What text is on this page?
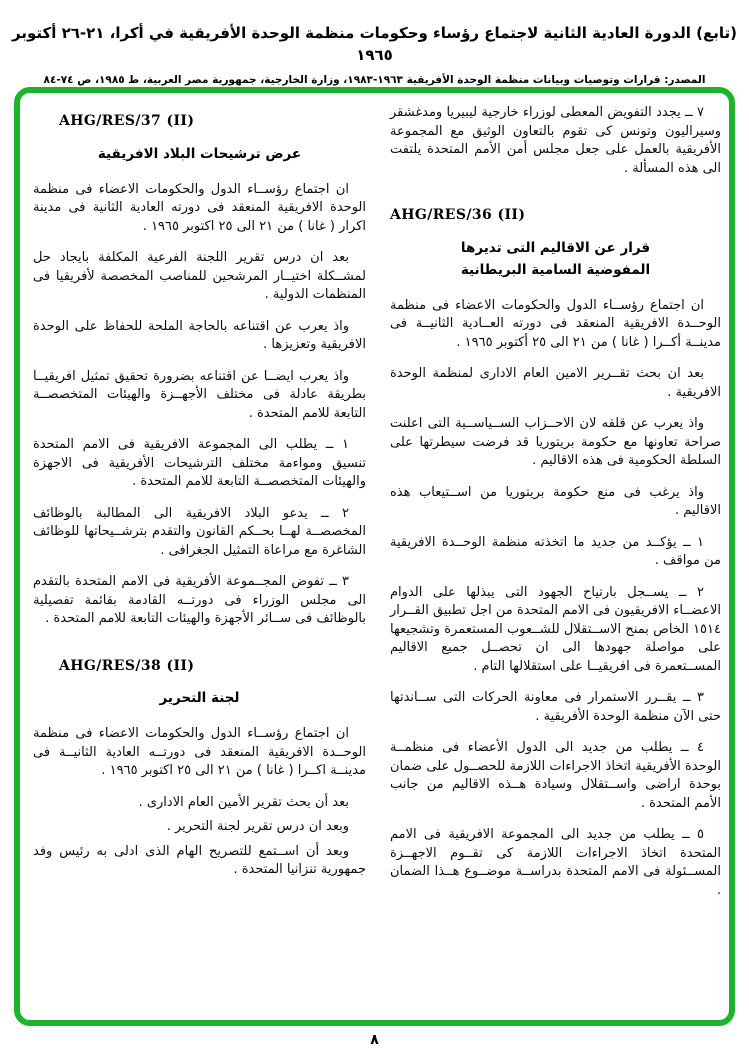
(تابع) الدورة العادية الثانية لاجتماع رؤساء وحكومات منظمة الوحدة الأفريقية في أكرا، ٢١-٢٦ أكتوبر ١٩٦٥
المصدر: قرارات وتوصيات وبيانات منظمة الوحدة الأفريقية ١٩٦٣-١٩٨٣، وزارة الخارجية، جمهورية مصر العربية، ط ١٩٨٥، ص ٧٤-٨٤

٧ ــ يجدد التفويض المعطى لوزراء خارجية ليبيريا ومدغشقر وسيراليون وتونس كى تقوم بالتعاون الوثيق مع المجموعة الأفريقية بالعمل على جعل مجلس أمن الأمم المتحدة يلتفت الى هذه المسألة .

AHG/RES/36 (II)
قرار عن الاقاليم التى تديرها
المفوضية السامية البريطانية

ان اجتماع رؤســاء الدول والحكومات الاعضاء فى منظمة الوحــدة الافريقية المنعقد فى دورته العــادية الثانيــة فى مدينــة أكــرا ( غانا ) من ٢١ الى ٢٥ أكتوبر ١٩٦٥ .

بعد ان بحث تقــرير الامين العام الادارى لمنظمة الوحدة الافريقية .

واذ يعرب عن قلقه لان الاحــزاب الســياســية التى اعلنت صراحة تعاونها مع حكومة بريتوريا قد فرضت سيطرتها على السلطة الحكومية فى هذه الاقاليم .

واذ يرغب فى منع حكومة بريتوريا من اســتيعاب هذه الاقاليم .

١ ــ يؤكــد من جديد ما اتخذته منظمة الوحــدة الافريقية من مواقف .

٢ ــ يســجل بارتياح الجهود التى يبذلها على الدوام الاعضــاء الافريقيون فى الامم المتحدة من اجل تطبيق القــرار ١٥١٤ الخاص بمنح الاســتقلال للشــعوب المستعمرة وتشجيعها على مواصلة جهودها الى ان تحصــل جميع الاقاليم المســتعمرة فى افريقيــا على استقلالها التام .

٣ ــ يقــرر الاستمرار فى معاونة الحركات التى ســاندتها حتى الآن منظمة الوحدة الأفريقية .

٤ ــ يطلب من جديد الى الدول الأعضاء فى منظمــة الوحدة الأفريقية اتخاذ الاجراءات اللازمة للحصــول على ضمان بوحدة اراضى واســتقلال وسيادة هــذه الاقاليم من جانب الأمم المتحدة .

٥ ــ يطلب من جديد الى المجموعة الافريقية فى الامم المتحدة اتخاذ الاجراءات اللازمة كى تقــوم الاجهــزة المســئولة فى الامم المتحدة بدراســة موضــوع هــذا الضمان .

AHG/RES/37 (II)
عرض ترشيحات البلاد الافريقية

ان اجتماع رؤســاء الدول والحكومات الاعضاء فى منظمة الوحدة الافريقية المنعقد فى دورته العادية الثانية فى مدينة اكرار ( غانا ) من ٢١ الى ٢٥ اكتوبر ١٩٦٥ .

بعد ان درس تقرير اللجنة الفرعية المكلفة بايجاد حل لمشــكلة اختيــار المرشحين للمناصب المخصصة لأفريقيا فى المنظمات الدولية .

واذ يعرب عن اقتناعه بالحاجة الملحة للحفاظ على الوحدة الافريقية وتعزيزها .

واذ يعرب ايضــا عن اقتناعه بضرورة تحقيق تمثيل افريقيــا بطريقة عادلة فى مختلف الأجهــزة والهيئات المتخصصــة التابعة للامم المتحدة .

١ ــ يطلب الى المجموعة الافريقية فى الامم المتحدة تنسيق ومواءمة مختلف الترشيحات الأفريقية فى الاجهزة والهيئات المتخصصــة التابعة للامم المتحدة .

٢ ــ يدعو البلاد الافريقية الى المطالبة بالوظائف المخصصــة لهــا بحــكم القانون والتقدم بترشــيحاتها للوظائف الشاغرة مع مراعاة التمثيل الجغرافى .

٣ ــ تفوض المجــموعة الأفريقية فى الامم المتحدة بالتقدم الى مجلس الوزراء فى دورتــه القادمة بقائمة تفصيلية بالوظائف فى ســائر الأجهزة والهيئات التابعة للامم المتحدة .

AHG/RES/38 (II)
لجنة التحرير

ان اجتماع رؤســاء الدول والحكومات الاعضاء فى منظمة الوحــدة الافريقية المنعقد فى دورتــه العادية الثانيــة فى مدينــة اكــرا ( غانا ) من ٢١ الى ٢٥ اكتوبر ١٩٦٥ .

بعد أن بحث تقرير الأمين العام الادارى .

وبعد ان درس تقرير لجنة التحرير .

وبعد أن اســتمع للتصريح الهام الذى ادلى به رئيس وفد جمهورية تنزانيا المتحدة .

٨
